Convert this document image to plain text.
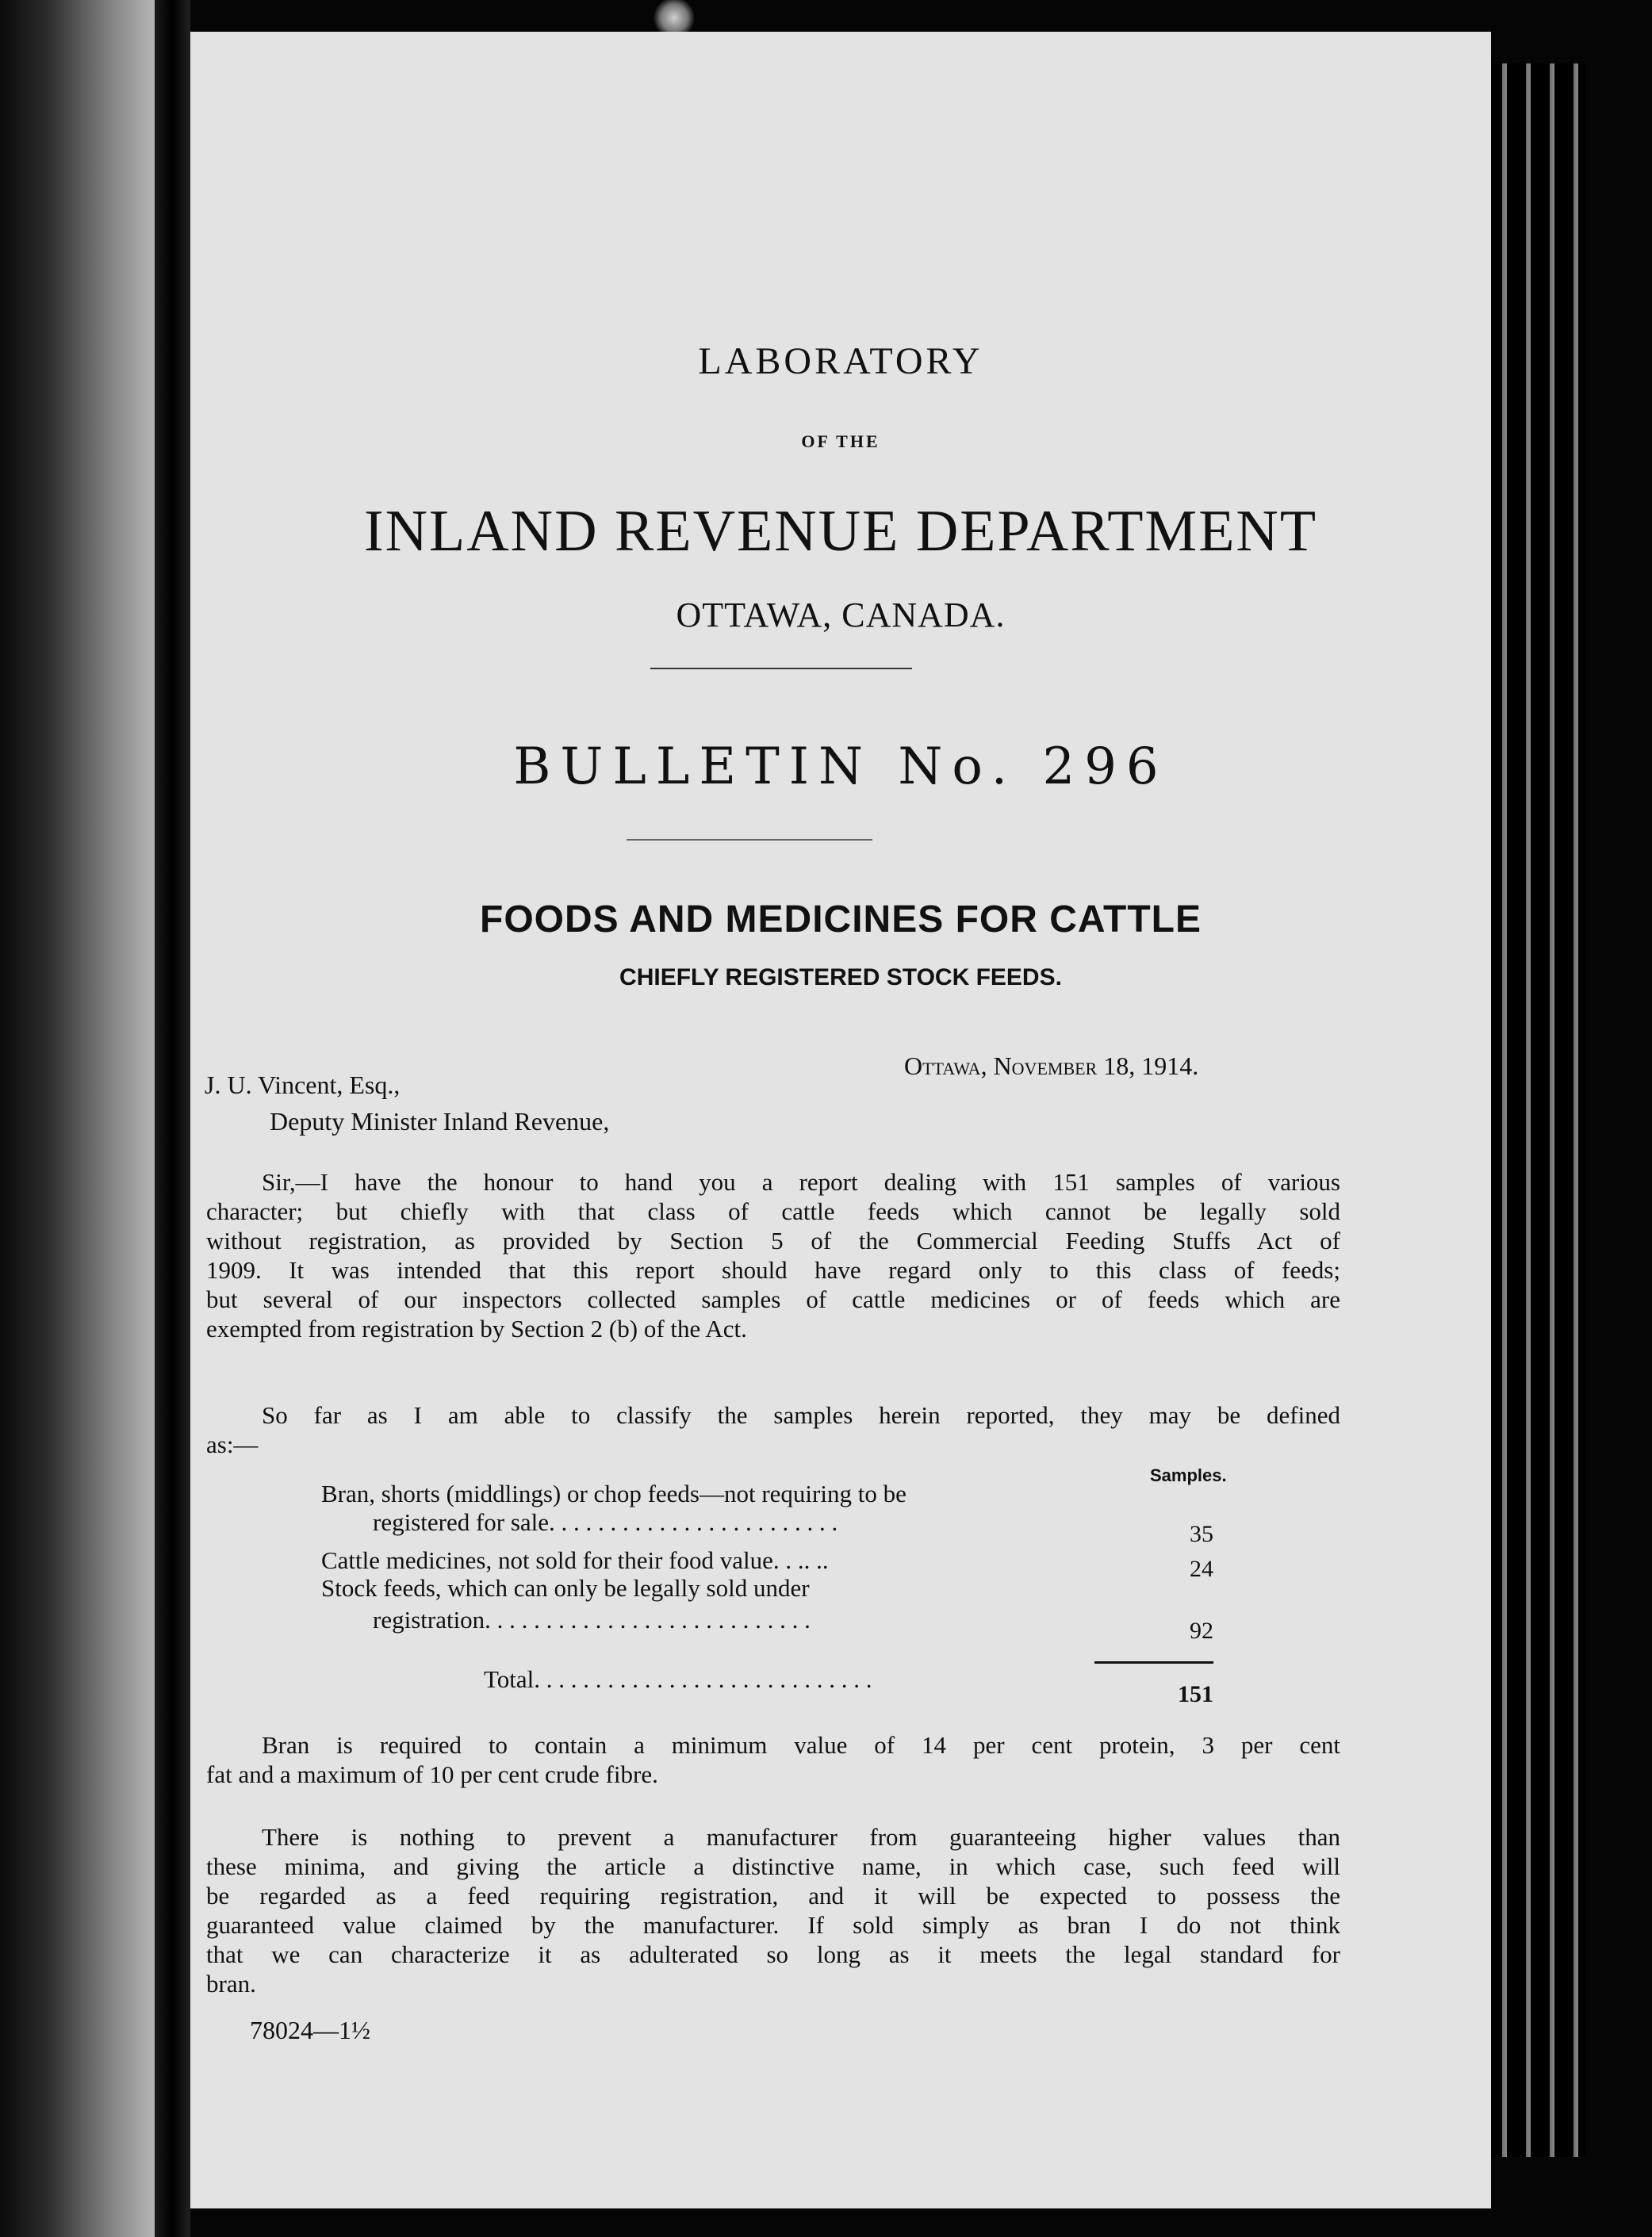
LABORATORY
OF THE
INLAND REVENUE DEPARTMENT
OTTAWA, CANADA.
BULLETIN No. 296
FOODS AND MEDICINES FOR CATTLE
CHIEFLY REGISTERED STOCK FEEDS.
Ottawa, November 18, 1914.
J. U. Vincent, Esq.,
Deputy Minister Inland Revenue,
Sir,—I have the honour to hand you a report dealing with 151 samples of various
character; but chiefly with that class of cattle feeds which cannot be legally sold
without registration, as provided by Section 5 of the Commercial Feeding Stuffs Act of
1909. It was intended that this report should have regard only to this class of feeds;
but several of our inspectors collected samples of cattle medicines or of feeds which are
exempted from registration by Section 2 (b) of the Act.
So far as I am able to classify the samples herein reported, they may be defined
as:—
Samples.
Bran, shorts (middlings) or chop feeds—not requiring to be
registered for sale. . . . . . . . . . . . . . . . . . . . . . . .	35
Cattle medicines, not sold for their food value. . .. ..	24
Stock feeds, which can only be legally sold under
registration. . . . . . . . . . . . . . . . . . . . . . . . . . .	92
Total. . . . . . . . . . . . . . . . . . . . . . . . . . . .
151
Bran is required to contain a minimum value of 14 per cent protein, 3 per cent
fat and a maximum of 10 per cent crude fibre.
There is nothing to prevent a manufacturer from guaranteeing higher values than
these minima, and giving the article a distinctive name, in which case, such feed will
be regarded as a feed requiring registration, and it will be expected to possess the
guaranteed value claimed by the manufacturer. If sold simply as bran I do not think
that we can characterize it as adulterated so long as it meets the legal standard for
bran.
78024—1½
